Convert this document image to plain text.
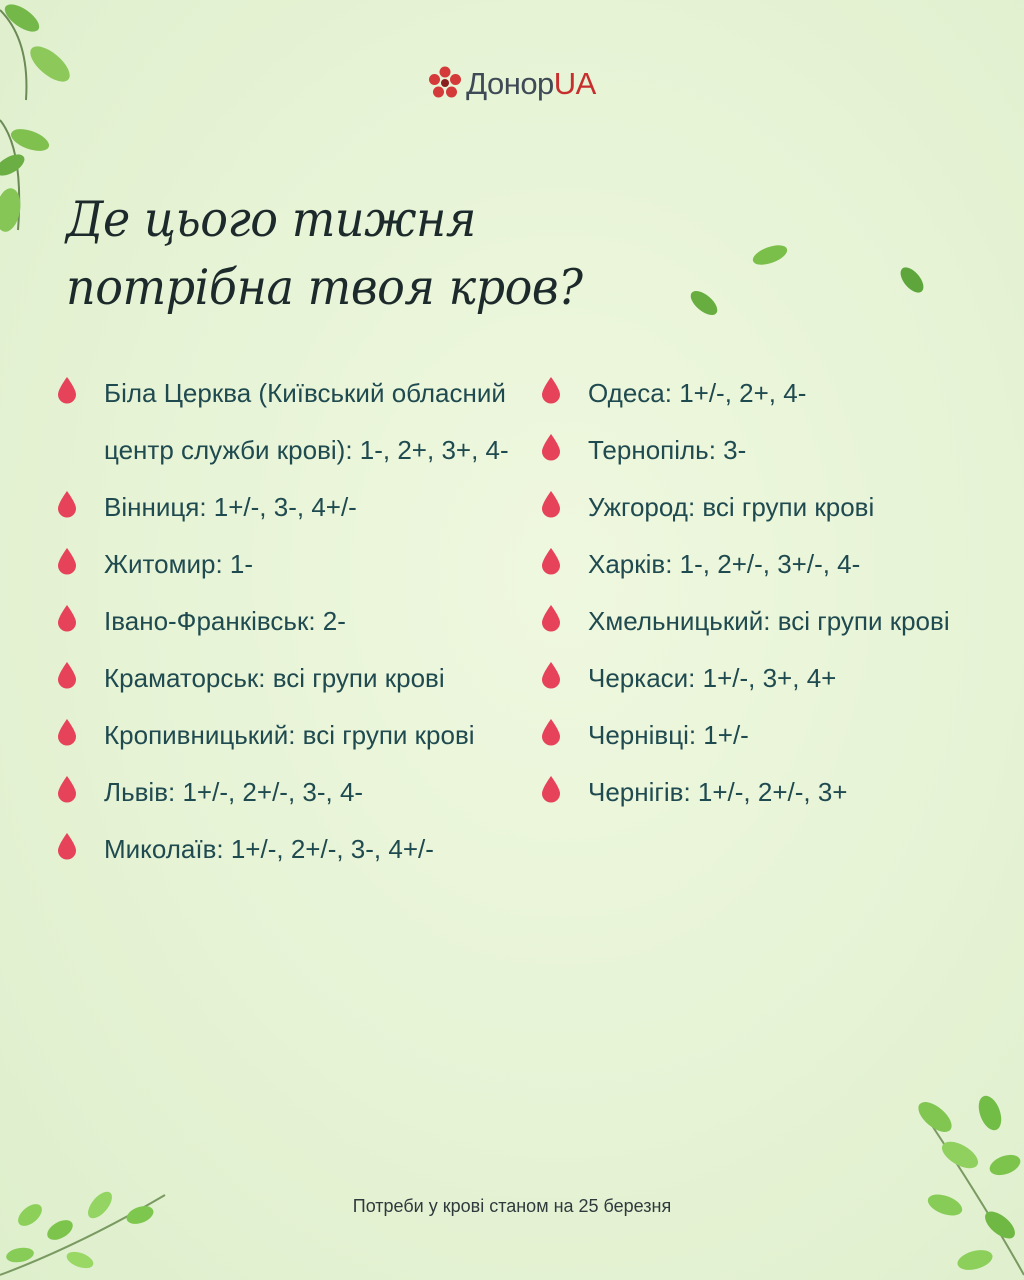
ДонорUA
Де цього тижня
потрібна твоя кров?
Біла Церква (Київський обласний центр служби крові): 1-, 2+, 3+, 4-
Вінниця: 1+/-, 3-, 4+/-
Житомир: 1-
Івано-Франківськ: 2-
Краматорськ: всі групи крові
Кропивницький: всі групи крові
Львів: 1+/-, 2+/-, 3-, 4-
Миколаїв: 1+/-, 2+/-, 3-, 4+/-
Одеса: 1+/-, 2+, 4-
Тернопіль: 3-
Ужгород: всі групи крові
Харків: 1-, 2+/-, 3+/-, 4-
Хмельницький: всі групи крові
Черкаси: 1+/-, 3+, 4+
Чернівці: 1+/-
Чернігів: 1+/-, 2+/-, 3+
Потреби у крові станом на 25 березня
